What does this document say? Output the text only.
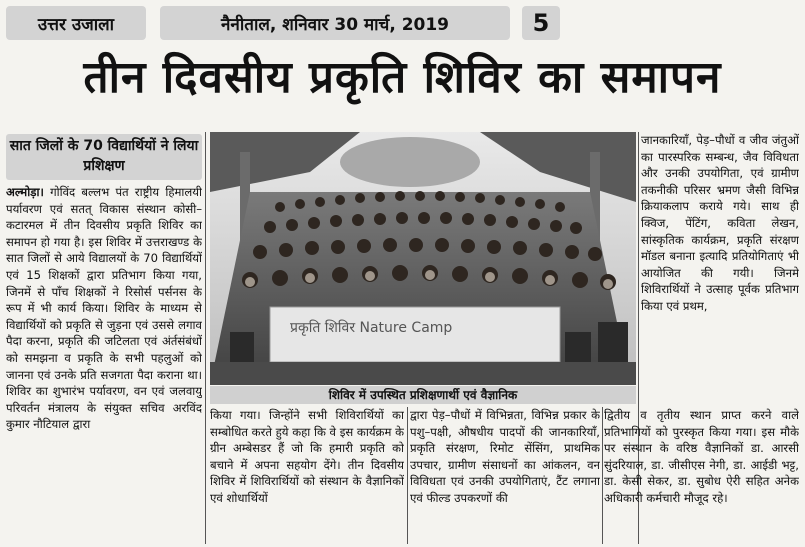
उत्तर उजाला	नैनीताल, शनिवार 30 मार्च, 2019	5
तीन दिवसीय प्रकृति शिविर का समापन
सात जिलों के 70 विद्यार्थियों ने लिया प्रशिक्षण
अल्मोड़ा। गोविंद बल्लभ पंत राष्ट्रीय हिमालयी पर्यावरण एवं सतत् विकास संस्थान कोसी–कटारमल में तीन दिवसीय प्रकृति शिविर का समापन हो गया है। इस शिविर में उत्तराखण्ड के सात जिलों से आये विद्यालयों के 70 विद्यार्थियों एवं 15 शिक्षकों द्वारा प्रतिभाग किया गया, जिनमें से पाँच शिक्षकों ने रिसोर्स पर्सनस के रूप में भी कार्य किया। शिविर के माध्यम से विद्यार्थियों को प्रकृति से जुड़ना एवं उससे लगाव पैदा करना, प्रकृति की जटिलता एवं अंर्तसंबंधों को समझना व प्रकृति के सभी पहलुओं को जानना एवं उनके प्रति सजगता पैदा कराना था। शिविर का शुभारंभ पर्यावरण, वन एवं जलवायु परिवर्तन मंत्रालय के संयुक्त सचिव अरविंद कुमार नौटियाल द्वारा
प्रकृति शिविर Nature Camp
शिविर में उपस्थित प्रशिक्षणार्थी एवं वैज्ञानिक
किया गया। जिन्होंने सभी शिविरार्थियों का सम्बोधित करते हुये कहा कि वे इस कार्यक्रम के ग्रीन अम्बेसडर हैं जो कि हमारी प्रकृति को बचाने में अपना सहयोग देंगे। तीन दिवसीय शिविर में शिविरार्थियों को संस्थान के वैज्ञानिकों एवं शोधार्थियों
द्वारा पेड़–पौधों में विभिन्नता, विभिन्न प्रकार के पशु–पक्षी, औषधीय पादपों की जानकारियाँ, प्रकृति संरक्षण, रिमोट सेंसिंग, प्राथमिक उपचार, ग्रामीण संसाधनों का आंकलन, वन विविधता एवं उनकी उपयोगिताएं, टैंट लगाना एवं फील्ड उपकरणों की
द्वितीय व तृतीय स्थान प्राप्त करने वाले प्रतिभागियों को पुरस्कृत किया गया। इस मौके पर संस्थान के वरिष्ठ वैज्ञानिकों डा. आरसी सुंदरियाल, डा. जीसीएस नेगी, डा. आईडी भट्ट, डा. केसी सेकर, डा. सुबोध ऐरी सहित अनेक अधिकारी कर्मचारी मौजूद रहे।
जानकारियाँ, पेड़–पौधों व जीव जंतुओं का पारस्परिक सम्बन्ध, जैव विविधता और उनकी उपयोगिता, एवं ग्रामीण तकनीकी परिसर भ्रमण जैसी विभिन्न क्रियाकलाप कराये गये। साथ ही क्विज, पेंटिंग, कविता लेखन, सांस्कृतिक कार्यक्रम, प्रकृति संरक्षण मॉडल बनाना इत्यादि प्रतियोगिताएं भी आयोजित की गयी। जिनमे शिविरार्थियों ने उत्साह पूर्वक प्रतिभाग किया एवं प्रथम,
